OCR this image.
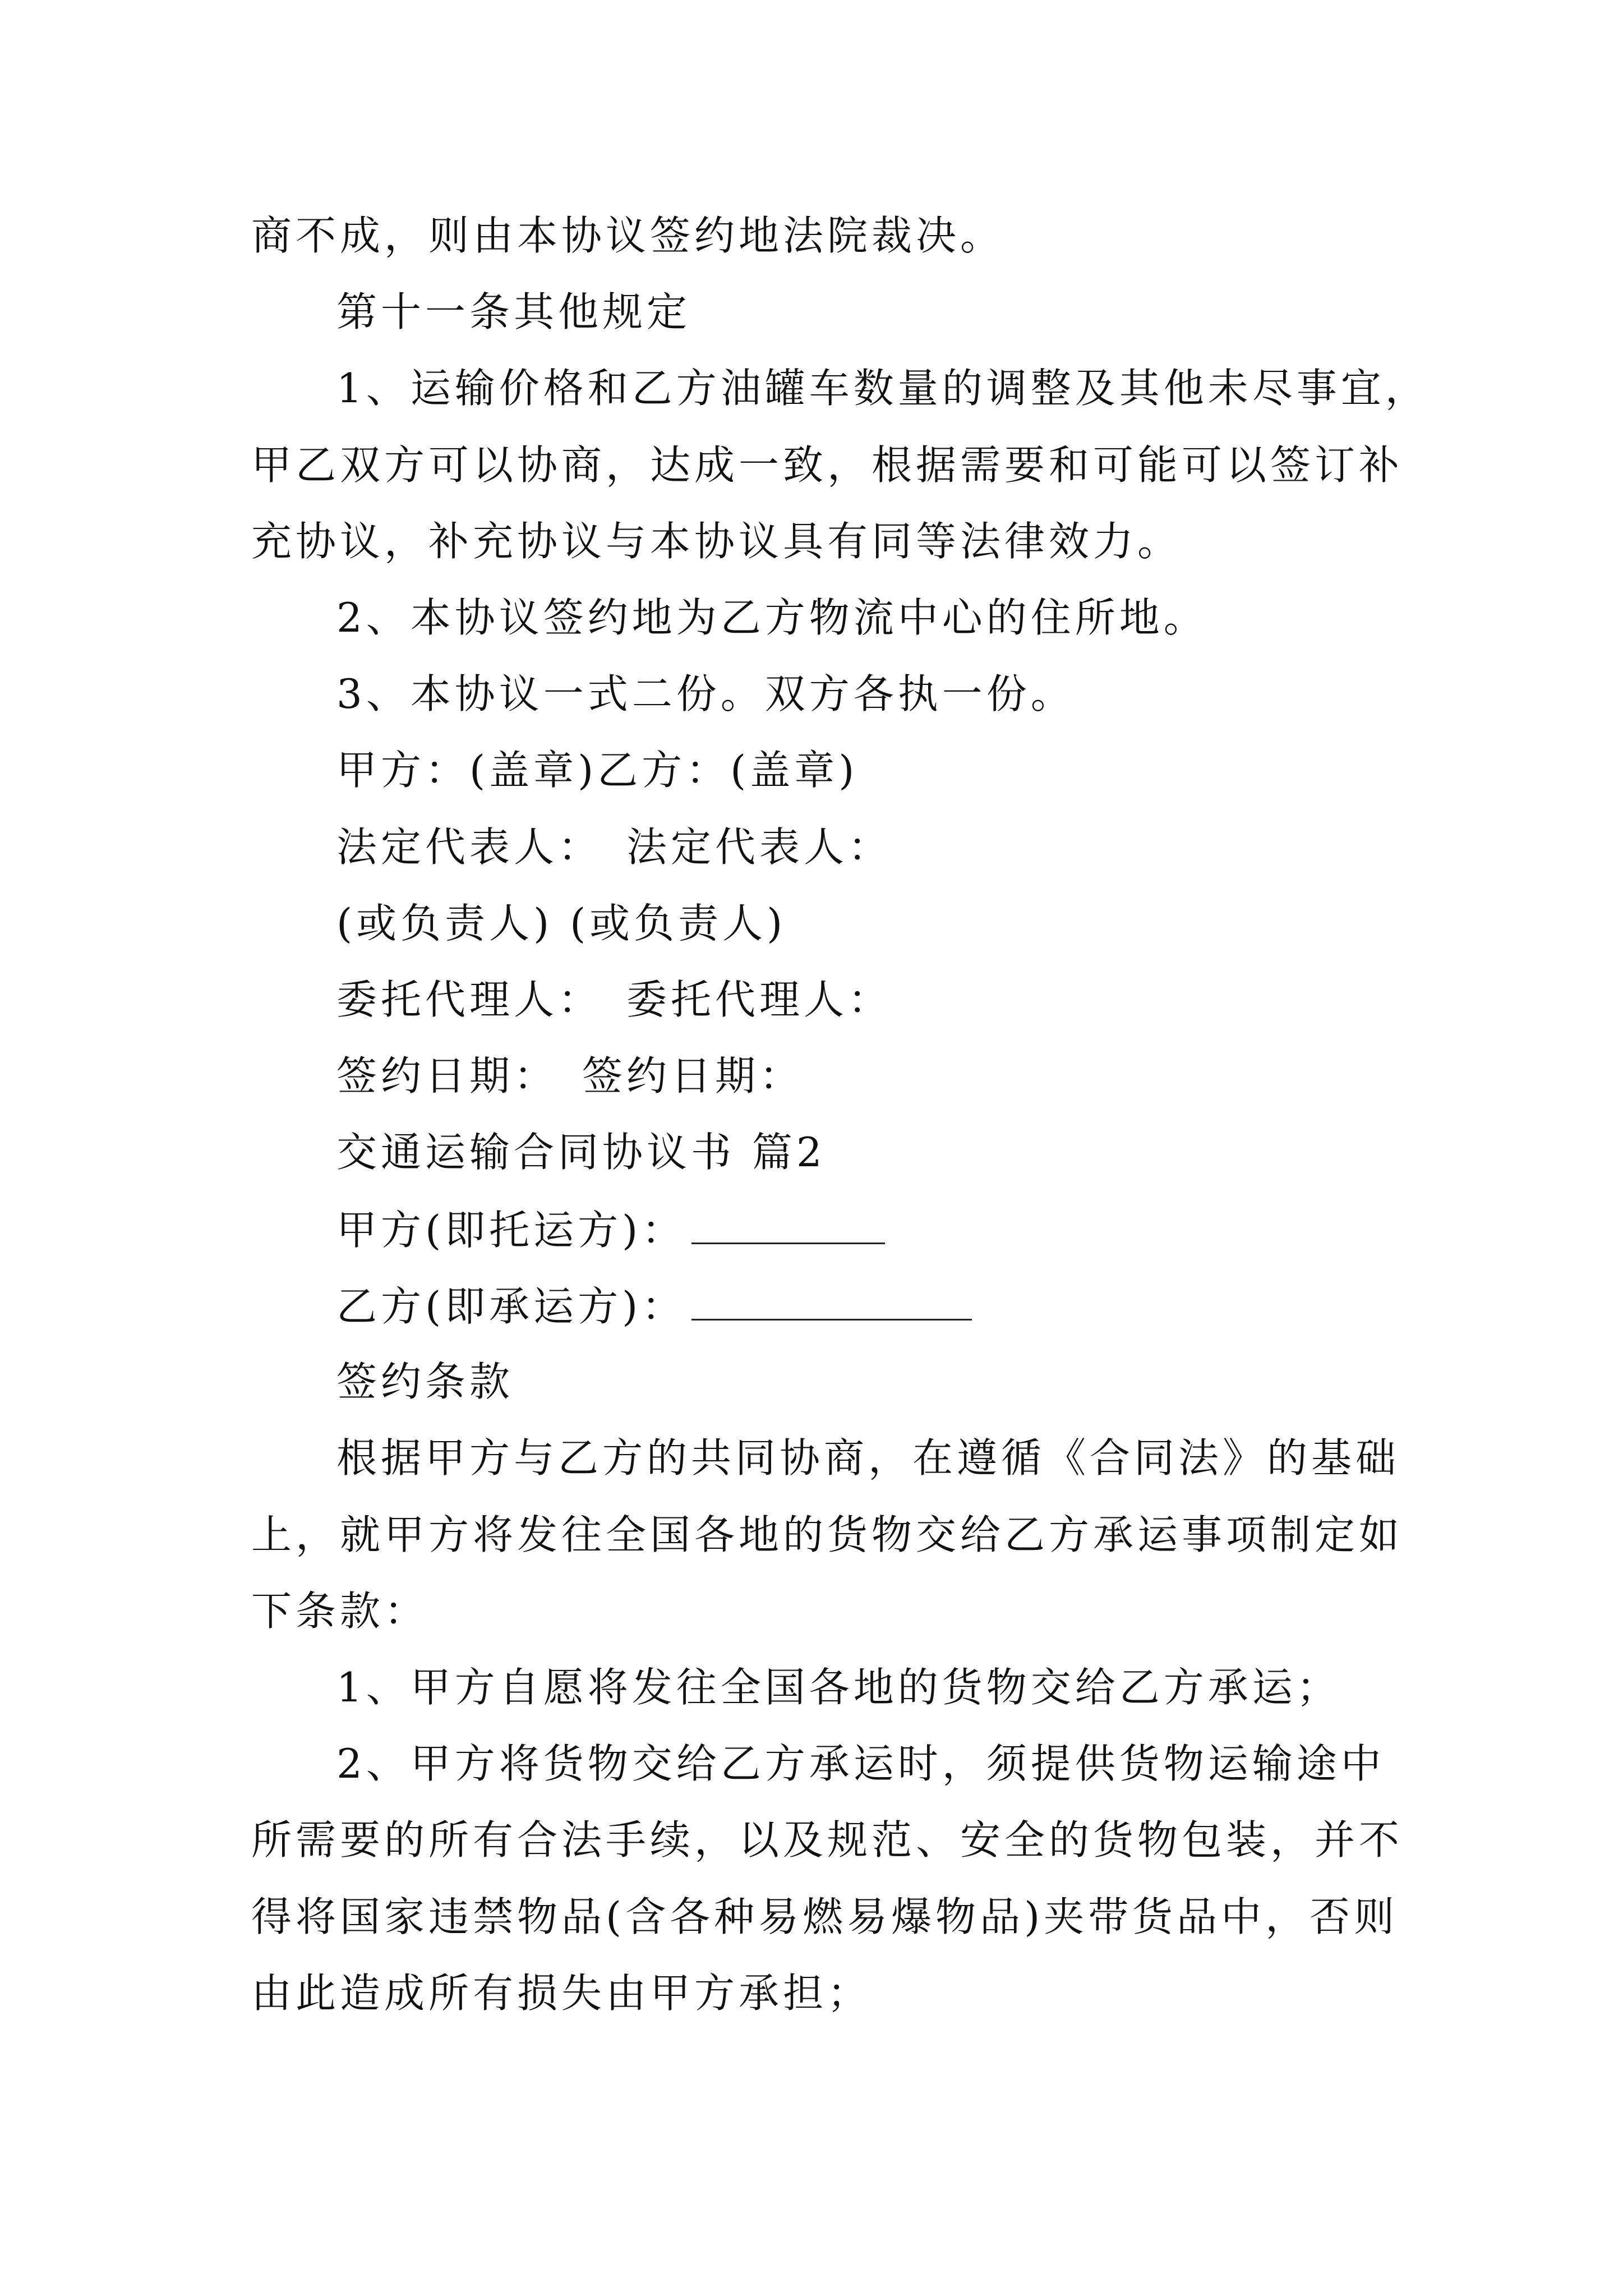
商不成，则由本协议签约地法院裁决。
第十一条其他规定
1、运输价格和乙方油罐车数量的调整及其他未尽事宜，
甲乙双方可以协商，达成一致，根据需要和可能可以签订补
充协议，补充协议与本协议具有同等法律效力。
2、本协议签约地为乙方物流中心的住所地。
3、本协议一式二份。双方各执一份。
甲方：(盖章)乙方：(盖章)
法定代表人：　法定代表人：
(或负责人) (或负责人)
委托代理人：　委托代理人：
签约日期：　签约日期：
交通运输合同协议书 篇2
甲方(即托运方)：
乙方(即承运方)：
签约条款
根据甲方与乙方的共同协商，在遵循《合同法》的基础
上，就甲方将发往全国各地的货物交给乙方承运事项制定如
下条款：
1、甲方自愿将发往全国各地的货物交给乙方承运；
2、甲方将货物交给乙方承运时，须提供货物运输途中
所需要的所有合法手续，以及规范、安全的货物包装，并不
得将国家违禁物品(含各种易燃易爆物品)夹带货品中，否则
由此造成所有损失由甲方承担；
